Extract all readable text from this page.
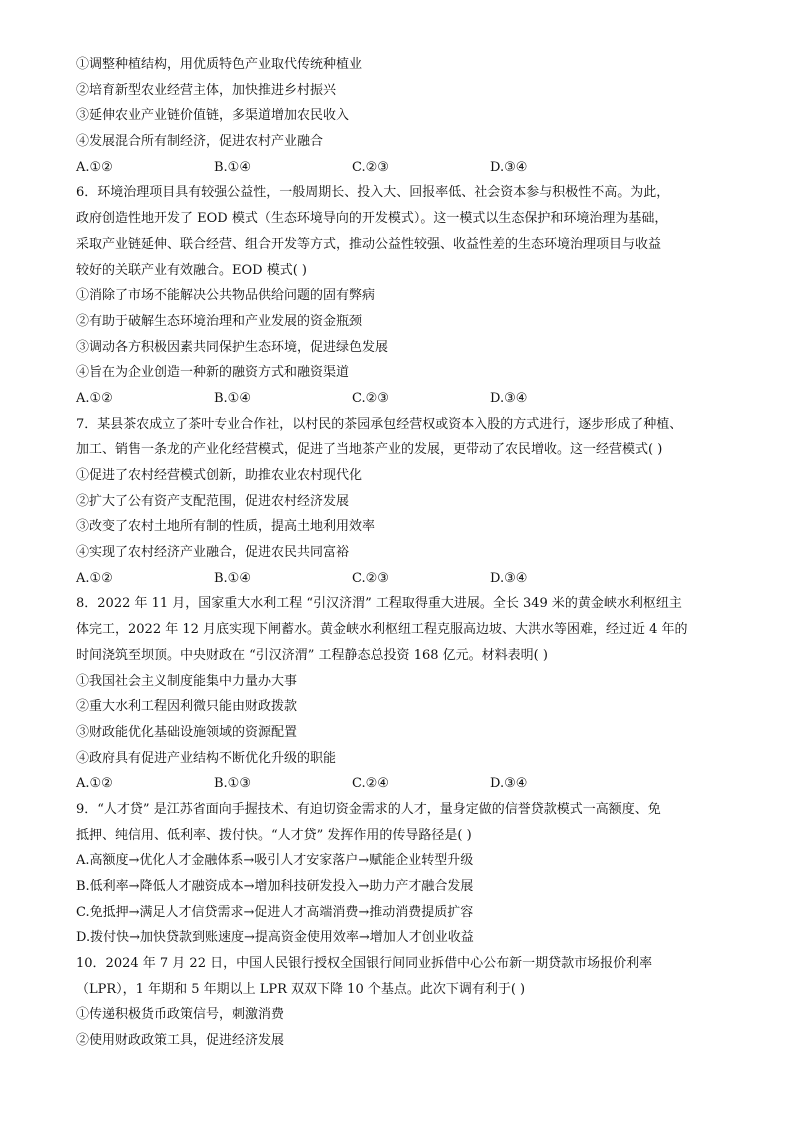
①调整种植结构，用优质特色产业取代传统种植业
②培育新型农业经营主体，加快推进乡村振兴
③延伸农业产业链价值链，多渠道增加农民收入
④发展混合所有制经济，促进农村产业融合
A.①②	B.①④	C.②③	D.③④
6．环境治理项目具有较强公益性，一般周期长、投入大、回报率低、社会资本参与积极性不高。为此，
政府创造性地开发了 EOD 模式（生态环境导向的开发模式）。这一模式以生态保护和环境治理为基础，
采取产业链延伸、联合经营、组合开发等方式，推动公益性较强、收益性差的生态环境治理项目与收益
较好的关联产业有效融合。EOD 模式( )
①消除了市场不能解决公共物品供给问题的固有弊病
②有助于破解生态环境治理和产业发展的资金瓶颈
③调动各方积极因素共同保护生态环境，促进绿色发展
④旨在为企业创造一种新的融资方式和融资渠道
A.①②	B.①④	C.②③	D.③④
7．某县茶农成立了茶叶专业合作社，以村民的茶园承包经营权或资本入股的方式进行，逐步形成了种植、
加工、销售一条龙的产业化经营模式，促进了当地茶产业的发展，更带动了农民增收。这一经营模式( )
①促进了农村经营模式创新，助推农业农村现代化
②扩大了公有资产支配范围，促进农村经济发展
③改变了农村土地所有制的性质，提高土地利用效率
④实现了农村经济产业融合，促进农民共同富裕
A.①②	B.①④	C.②③	D.③④
8．2022 年 11 月，国家重大水利工程 “引汉济渭” 工程取得重大进展。全长 349 米的黄金峡水利枢纽主
体完工，2022 年 12 月底实现下闸蓄水。黄金峡水利枢纽工程克服高边坡、大洪水等困难，经过近 4 年的
时间浇筑至坝顶。中央财政在 “引汉济渭” 工程静态总投资 168 亿元。材料表明( )
①我国社会主义制度能集中力量办大事
②重大水利工程因利微只能由财政拨款
③财政能优化基础设施领域的资源配置
④政府具有促进产业结构不断优化升级的职能
A.①②	B.①③	C.②④	D.③④
9．“人才贷” 是江苏省面向手握技术、有迫切资金需求的人才，量身定做的信誉贷款模式一高额度、免
抵押、纯信用、低利率、拨付快。“人才贷” 发挥作用的传导路径是( )
A.高额度→优化人才金融体系→吸引人才安家落户→赋能企业转型升级
B.低利率→降低人才融资成本→增加科技研发投入→助力产才融合发展
C.免抵押→满足人才信贷需求→促进人才高端消费→推动消费提质扩容
D.拨付快→加快贷款到账速度→提高资金使用效率→增加人才创业收益
10．2024 年 7 月 22 日，中国人民银行授权全国银行间同业拆借中心公布新一期贷款市场报价利率
（LPR），1 年期和 5 年期以上 LPR 双双下降 10 个基点。此次下调有利于( )
①传递积极货币政策信号，刺激消费
②使用财政政策工具，促进经济发展
